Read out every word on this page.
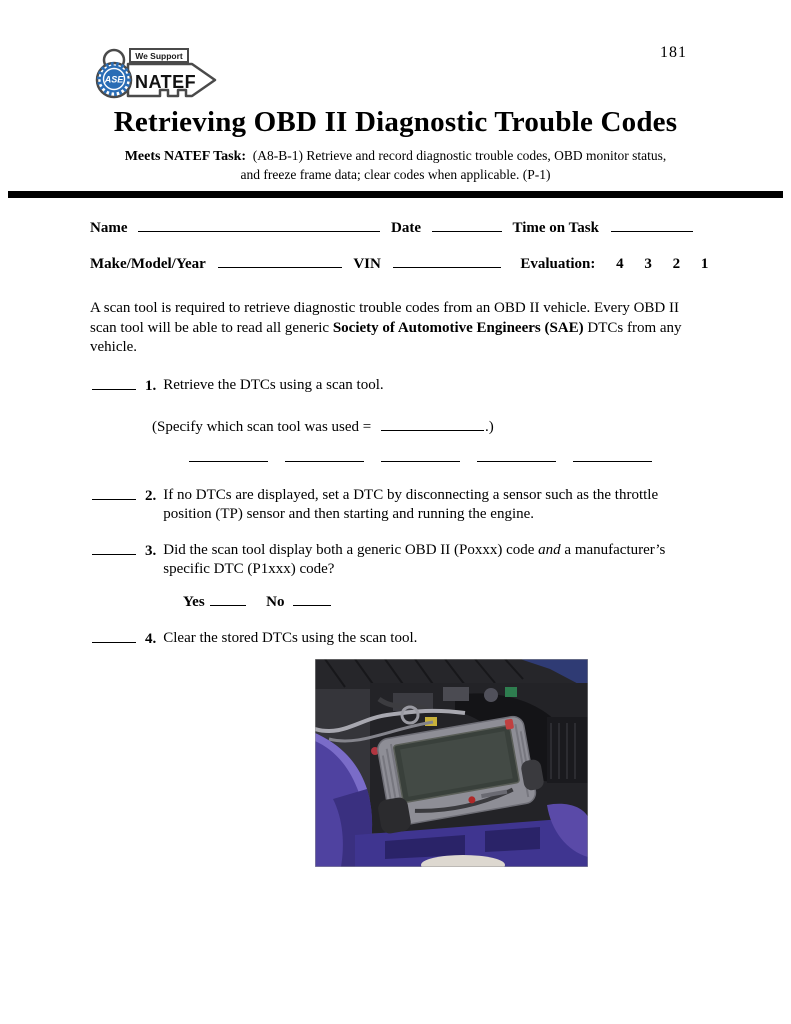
181
We Support
ASE NATEF
Retrieving OBD II Diagnostic Trouble Codes
Meets NATEF Task: (A8-B-1) Retrieve and record diagnostic trouble codes, OBD monitor status,
and freeze frame data; clear codes when applicable. (P-1)
Name	Date	Time on Task
Make/Model/Year	VIN	Evaluation: 4 3 2 1

A scan tool is required to retrieve diagnostic trouble codes from an OBD II vehicle. Every OBD II scan tool will be able to read all generic Society of Automotive Engineers (SAE) DTCs from any vehicle.

1. Retrieve the DTCs using a scan tool.
(Specify which scan tool was used =	.)

2. If no DTCs are displayed, set a DTC by disconnecting a sensor such as the throttle position (TP) sensor and then starting and running the engine.
3. Did the scan tool display both a generic OBD II (Poxxx) code and a manufacturer’s specific DTC (P1xxx) code?
Yes	No
4. Clear the stored DTCs using the scan tool.
